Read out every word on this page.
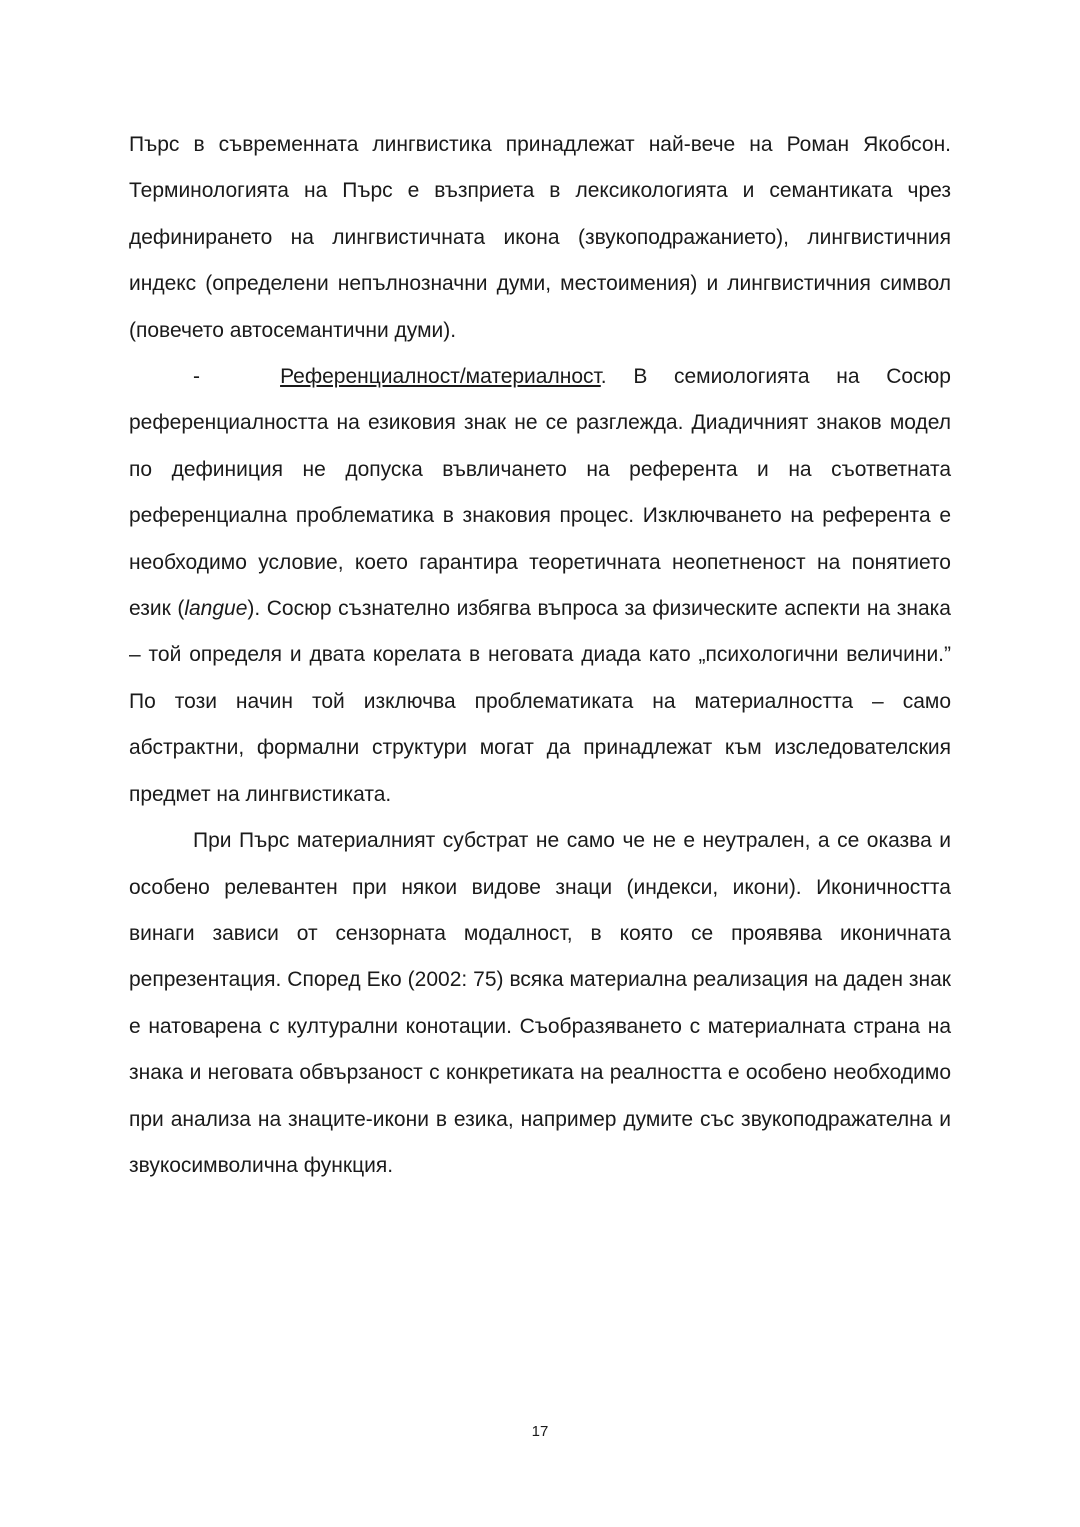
Пърс в съвременната лингвистика принадлежат най-вече на Роман Якобсон. Терминологията на Пърс е възприета в лексикологията и семантиката чрез дефинирането на лингвистичната икона (звукоподражанието), лингвистичния индекс (определени непълнозначни думи, местоимения) и лингвистичния символ (повечето автосемантични думи).

-	Референциалност/материалност. В семиологията на Сосюр референциалността на езиковия знак не се разглежда. Диадичният знаков модел по дефиниция не допуска въвличането на референта и на съответната референциална проблематика в знаковия процес. Изключването на референта е необходимо условие, което гарантира теоретичната неопетненост на понятието език (langue). Сосюр съзнателно избягва въпроса за физическите аспекти на знака – той определя и двата корелата в неговата диада като „психологични величини.” По този начин той изключва проблематиката на материалността – само абстрактни, формални структури могат да принадлежат към изследователския предмет на лингвистиката.

При Пърс материалният субстрат не само че не е неутрален, а се оказва и особено релевантен при някои видове знаци (индекси, икони). Иконичността винаги зависи от сензорната модалност, в която се проявява иконичната репрезентация. Според Еко (2002: 75) всяка материална реализация на даден знак е натоварена с културални конотации. Съобразяването с материалната страна на знака и неговата обвързаност с конкретиката на реалността е особено необходимо при анализа на знаците-икони в езика, например думите със звукоподражателна и звукосимволична функция.

17
